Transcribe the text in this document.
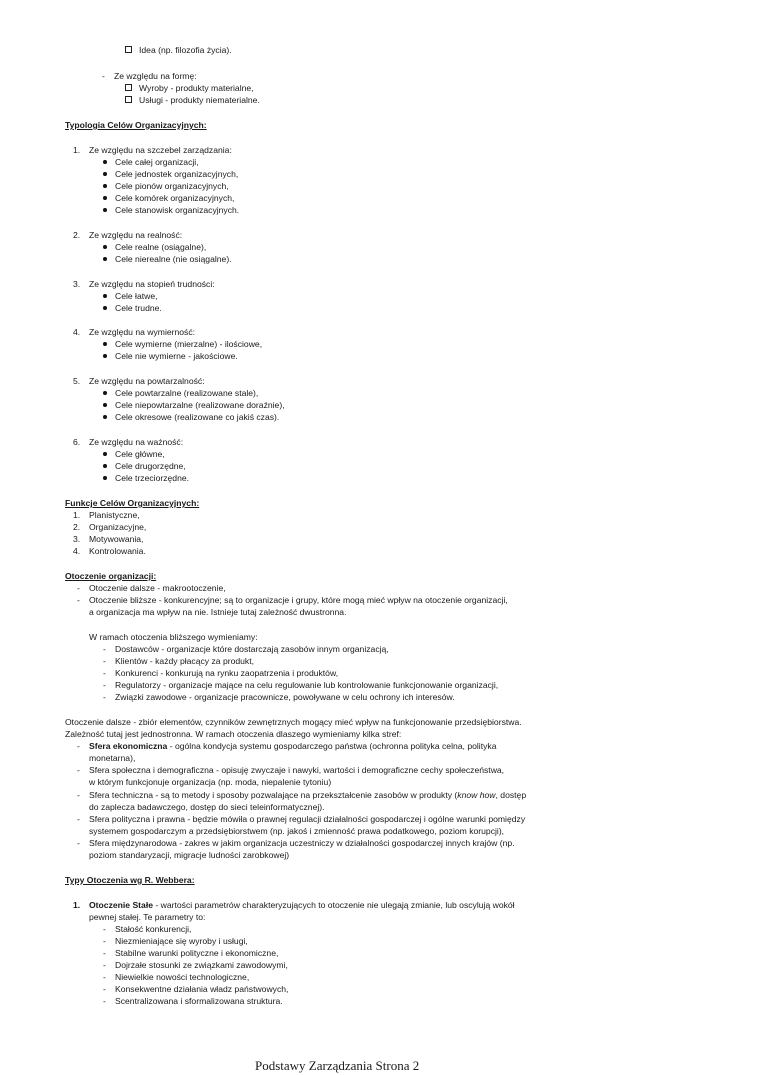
Idea (np. filozofia życia).
- Ze względu na formę:
Wyroby - produkty materialne,
Usługi - produkty niematerialne.
Typologia Celów Organizacyjnych:
1. Ze względu na szczebel zarządzania:
Cele całej organizacji,
Cele jednostek organizacyjnych,
Cele pionów organizacyjnych,
Cele komórek organizacyjnych,
Cele stanowisk organizacyjnych.
2. Ze względu na realność:
Cele realne (osiągalne),
Cele nierealne (nie osiągalne).
3. Ze względu na stopień trudności:
Cele łatwe,
Cele trudne.
4. Ze względu na wymierność:
Cele wymierne (mierzalne) - ilościowe,
Cele nie wymierne - jakościowe.
5. Ze względu na powtarzalność:
Cele powtarzalne (realizowane stale),
Cele niepowtarzalne (realizowane doraźnie),
Cele okresowe (realizowane co jakiś czas).
6. Ze względu na ważność:
Cele główne,
Cele drugorzędne,
Cele trzeciorzędne.
Funkcje Celów Organizacyjnych:
1. Planistyczne,
2. Organizacyjne,
3. Motywowania,
4. Kontrolowania.
Otoczenie organizacji:
- Otoczenie dalsze - makrootoczenie,
- Otoczenie bliższe - konkurencyjne; są to organizacje i grupy, które mogą mieć wpływ na otoczenie organizacji,
a organizacja ma wpływ na nie. Istnieje tutaj zależność dwustronna.
W ramach otoczenia bliższego wymieniamy:
- Dostawców - organizacje które dostarczają zasobów innym organizacją,
- Klientów - każdy płacący za produkt,
- Konkurenci - konkurują na rynku zaopatrzenia i produktów,
- Regulatorzy - organizacje mające na celu regulowanie lub kontrolowanie funkcjonowanie organizacji,
- Związki zawodowe - organizacje pracownicze, powoływane w celu ochrony ich interesów.
Otoczenie dalsze - zbiór elementów, czynników zewnętrznych mogący mieć wpływ na funkcjonowanie przedsiębiorstwa.
Zależność tutaj jest jednostronna. W ramach otoczenia dlaszego wymieniamy kilka stref:
- Sfera ekonomiczna - ogólna kondycja systemu gospodarczego państwa (ochronna polityka celna, polityka
monetarna),
- Sfera społeczna i demograficzna - opisuję zwyczaje i nawyki, wartości i demograficzne cechy społeczeństwa,
w którym funkcjonuje organizacja (np. moda, niepalenie tytoniu)
- Sfera techniczna - są to metody i sposoby pozwalające na przekształcenie zasobów w produkty (know how, dostęp
do zaplecza badawczego, dostęp do sieci teleinformatycznej).
- Sfera polityczna i prawna - będzie mówiła o prawnej regulacji działalności gospodarczej i ogólne warunki pomiędzy
systemem gospodarczym a przedsiębiorstwem (np. jakoś i zmienność prawa podatkowego, poziom korupcji),
- Sfera międzynarodowa - zakres w jakim organizacja uczestniczy w działalności gospodarczej innych krajów (np.
poziom standaryzacji, migracje ludności zarobkowej)
Typy Otoczenia wg R. Webbera:
1. Otoczenie Stałe - wartości parametrów charakteryzujących to otoczenie nie ulegają zmianie, lub oscylują wokół
pewnej stałej. Te parametry to:
- Stałość konkurencji,
- Niezmieniające się wyroby i usługi,
- Stabilne warunki polityczne i ekonomiczne,
- Dojrzałe stosunki ze związkami zawodowymi,
- Niewielkie nowości technologiczne,
- Konsekwentne działania władz państwowych,
- Scentralizowana i sformalizowana struktura.
Podstawy Zarządzania Strona 2
